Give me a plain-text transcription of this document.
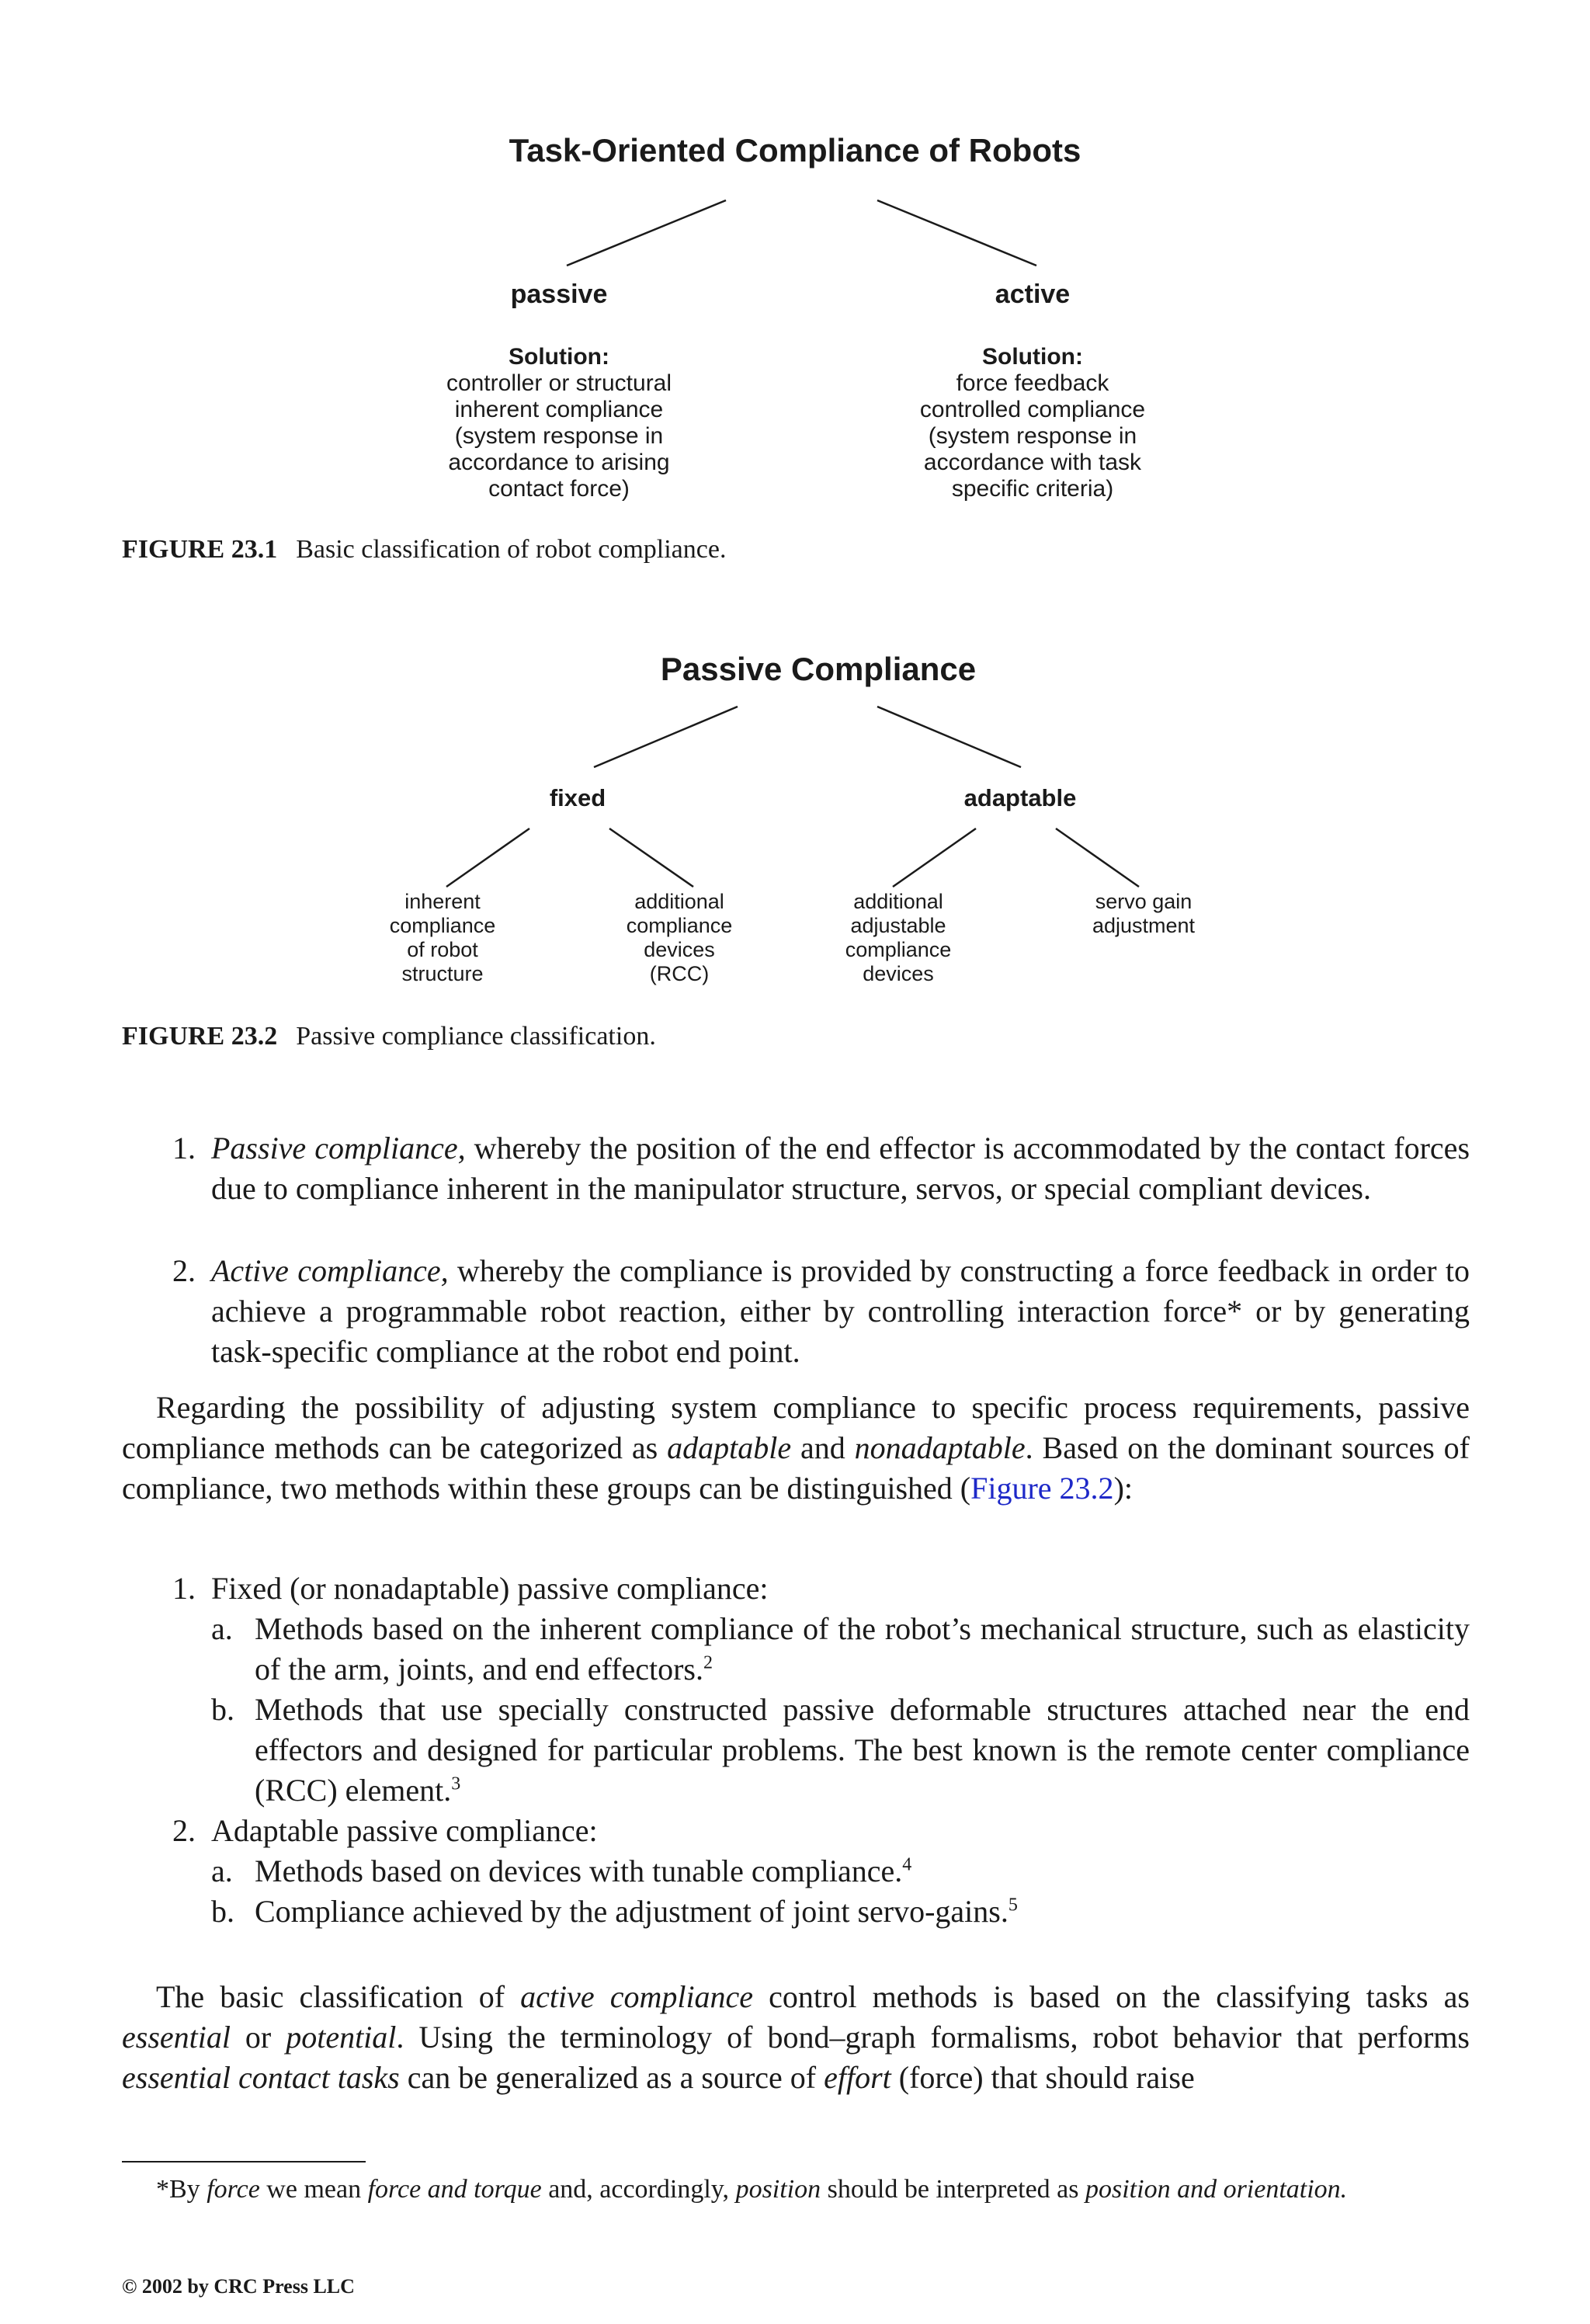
Task-Oriented Compliance of Robots
passive	active
Solution:
controller or structural
inherent compliance
(system response in
accordance to arising
contact force)
Solution:
force feedback
controlled compliance
(system response in
accordance with task
specific criteria)
FIGURE 23.1 Basic classification of robot compliance.
Passive Compliance
fixed	adaptable
inherent
compliance
of robot
structure
additional
compliance
devices
(RCC)
additional
adjustable
compliance
devices
servo gain
adjustment
FIGURE 23.2 Passive compliance classification.
1. Passive compliance, whereby the position of the end effector is accommodated by the contact forces due to compliance inherent in the manipulator structure, servos, or special compliant devices.
2. Active compliance, whereby the compliance is provided by constructing a force feedback in order to achieve a programmable robot reaction, either by controlling interaction force* or by generating task-specific compliance at the robot end point.
Regarding the possibility of adjusting system compliance to specific process requirements, passive compliance methods can be categorized as adaptable and nonadaptable. Based on the dominant sources of compliance, two methods within these groups can be distinguished (Figure 23.2):
1. Fixed (or nonadaptable) passive compliance:
a. Methods based on the inherent compliance of the robot’s mechanical structure, such as elasticity of the arm, joints, and end effectors.$^2$
b. Methods that use specially constructed passive deformable structures attached near the end effectors and designed for particular problems. The best known is the remote center compliance (RCC) element.$^3$
2. Adaptable passive compliance:
a. Methods based on devices with tunable compliance.$^4$
b. Compliance achieved by the adjustment of joint servo-gains.$^5$
The basic classification of active compliance control methods is based on the classifying tasks as essential or potential. Using the terminology of bond–graph formalisms, robot behavior that performs essential contact tasks can be generalized as a source of effort (force) that should raise
*By force we mean force and torque and, accordingly, position should be interpreted as position and orientation.
© 2002 by CRC Press LLC
